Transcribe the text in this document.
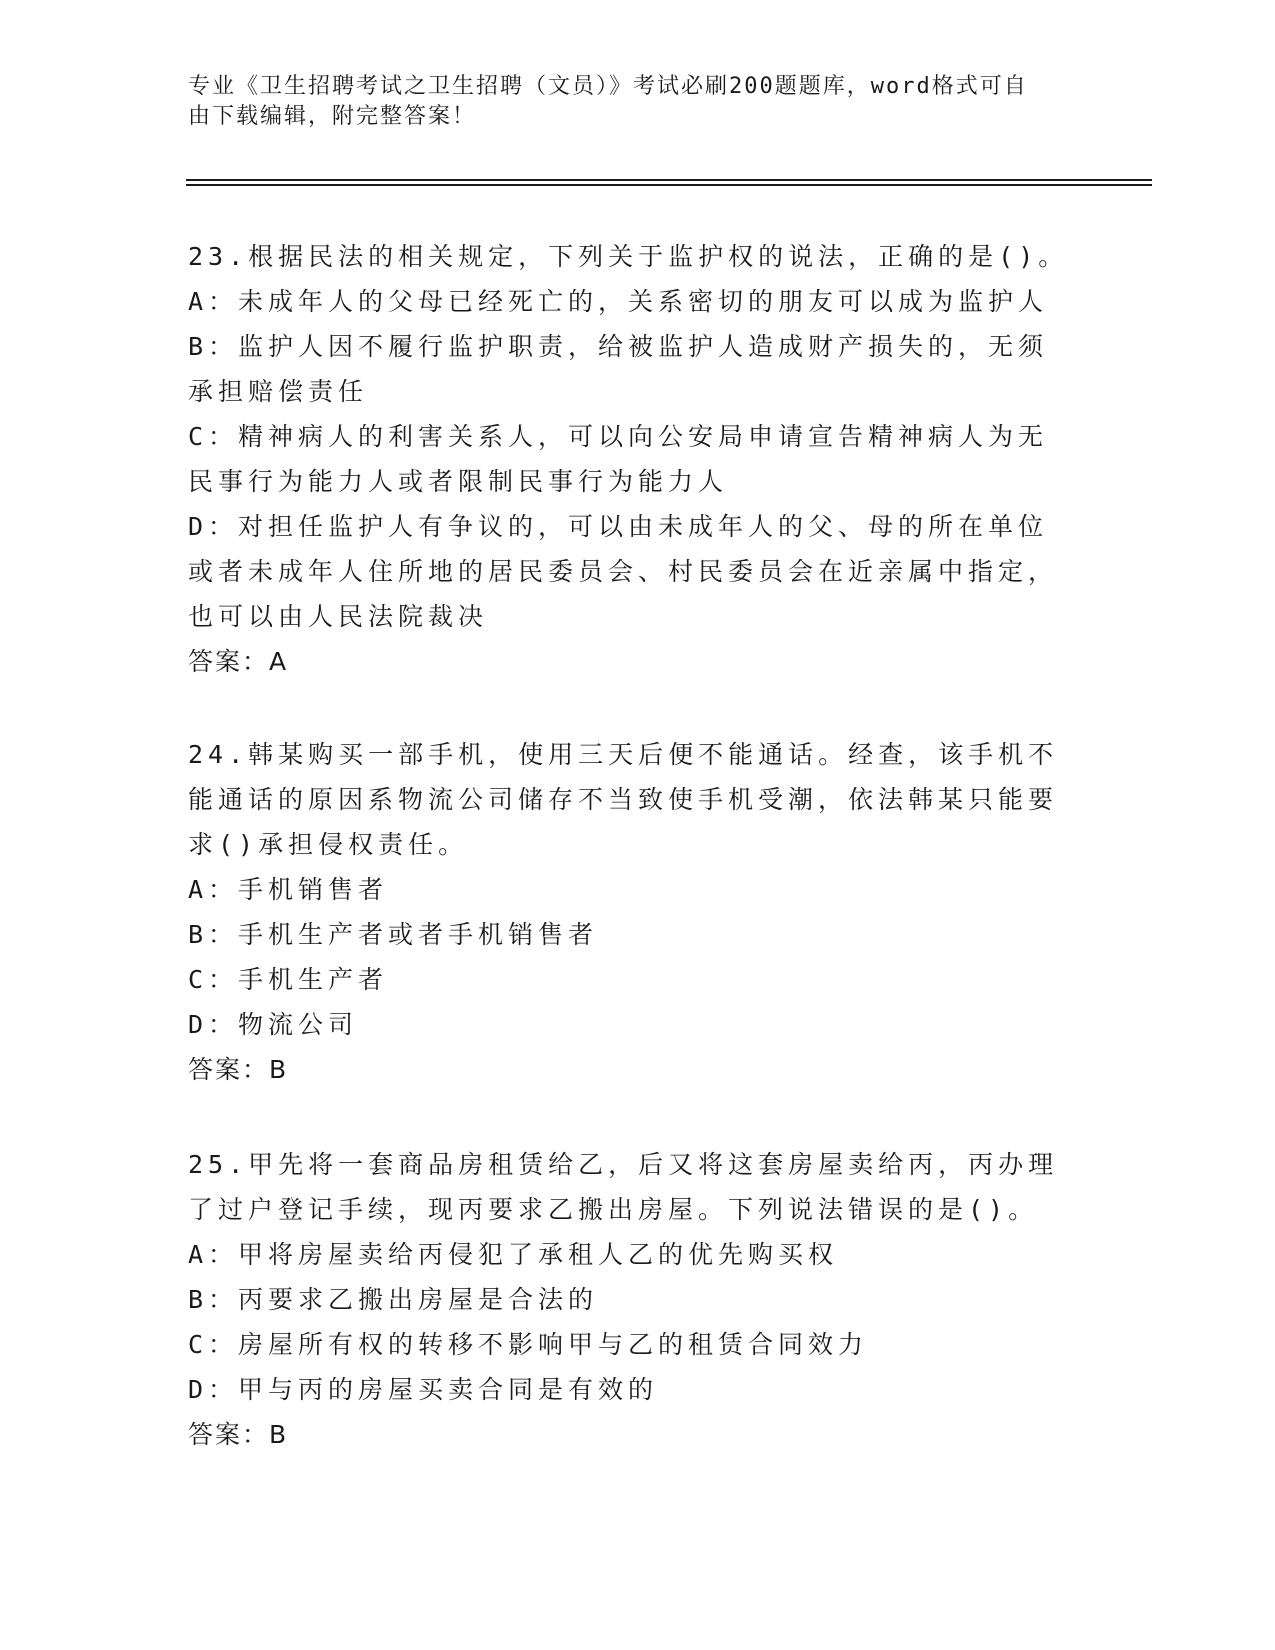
专业《卫生招聘考试之卫生招聘（文员）》考试必刷200题题库，word格式可自
由下载编辑，附完整答案！

23.根据民法的相关规定，下列关于监护权的说法，正确的是()。

A：未成年人的父母已经死亡的，关系密切的朋友可以成为监护人

B：监护人因不履行监护职责，给被监护人造成财产损失的，无须承担赔偿责任

C：精神病人的利害关系人，可以向公安局申请宣告精神病人为无民事行为能力人或者限制民事行为能力人

D：对担任监护人有争议的，可以由未成年人的父、母的所在单位或者未成年人住所地的居民委员会、村民委员会在近亲属中指定，也可以由人民法院裁决

答案：A

24.韩某购买一部手机，使用三天后便不能通话。经查，该手机不能通话的原因系物流公司储存不当致使手机受潮，依法韩某只能要求()承担侵权责任。

A：手机销售者

B：手机生产者或者手机销售者

C：手机生产者

D：物流公司

答案：B

25.甲先将一套商品房租赁给乙，后又将这套房屋卖给丙，丙办理了过户登记手续，现丙要求乙搬出房屋。下列说法错误的是()。

A：甲将房屋卖给丙侵犯了承租人乙的优先购买权

B：丙要求乙搬出房屋是合法的

C：房屋所有权的转移不影响甲与乙的租赁合同效力

D：甲与丙的房屋买卖合同是有效的

答案：B
